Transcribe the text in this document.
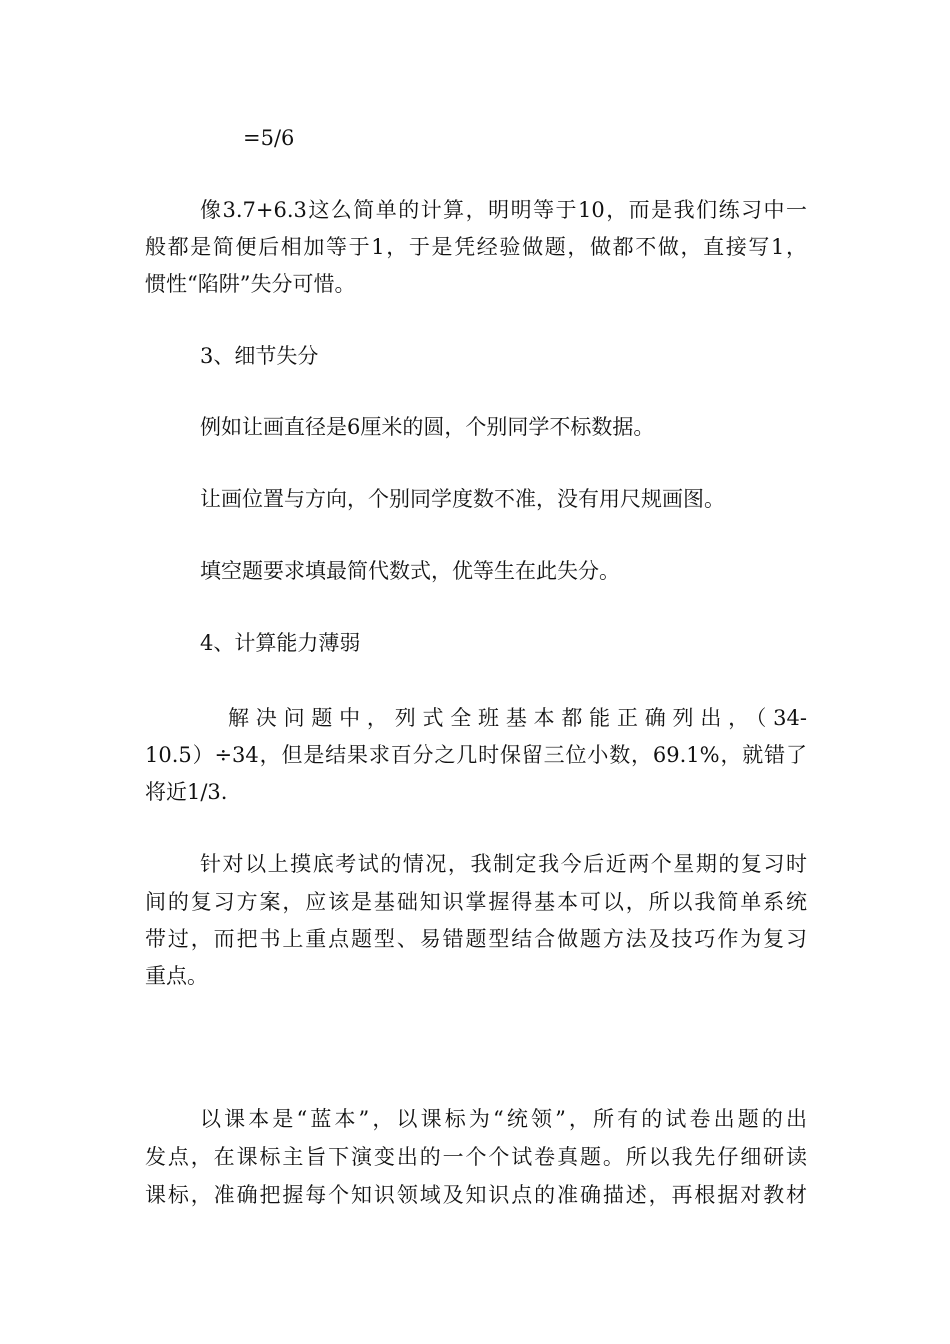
=5/6

像3.7+6.3这么简单的计算，明明等于10，而是我们练习中一

般都是简便后相加等于1，于是凭经验做题，做都不做，直接写1，

惯性“陷阱”失分可惜。

3、细节失分

例如让画直径是6厘米的圆，个别同学不标数据。

让画位置与方向，个别同学度数不准，没有用尺规画图。

填空题要求填最简代数式，优等生在此失分。

4、计算能力薄弱

解决问题中，列式全班基本都能正确列出，（34-

10.5）÷34，但是结果求百分之几时保留三位小数，69.1%，就错了

将近1/3.

针对以上摸底考试的情况，我制定我今后近两个星期的复习时

间的复习方案，应该是基础知识掌握得基本可以，所以我简单系统

带过，而把书上重点题型、易错题型结合做题方法及技巧作为复习

重点。

以课本是“蓝本”，以课标为“统领”，所有的试卷出题的出

发点，在课标主旨下演变出的一个个试卷真题。所以我先仔细研读

课标，准确把握每个知识领域及知识点的准确描述，再根据对教材
